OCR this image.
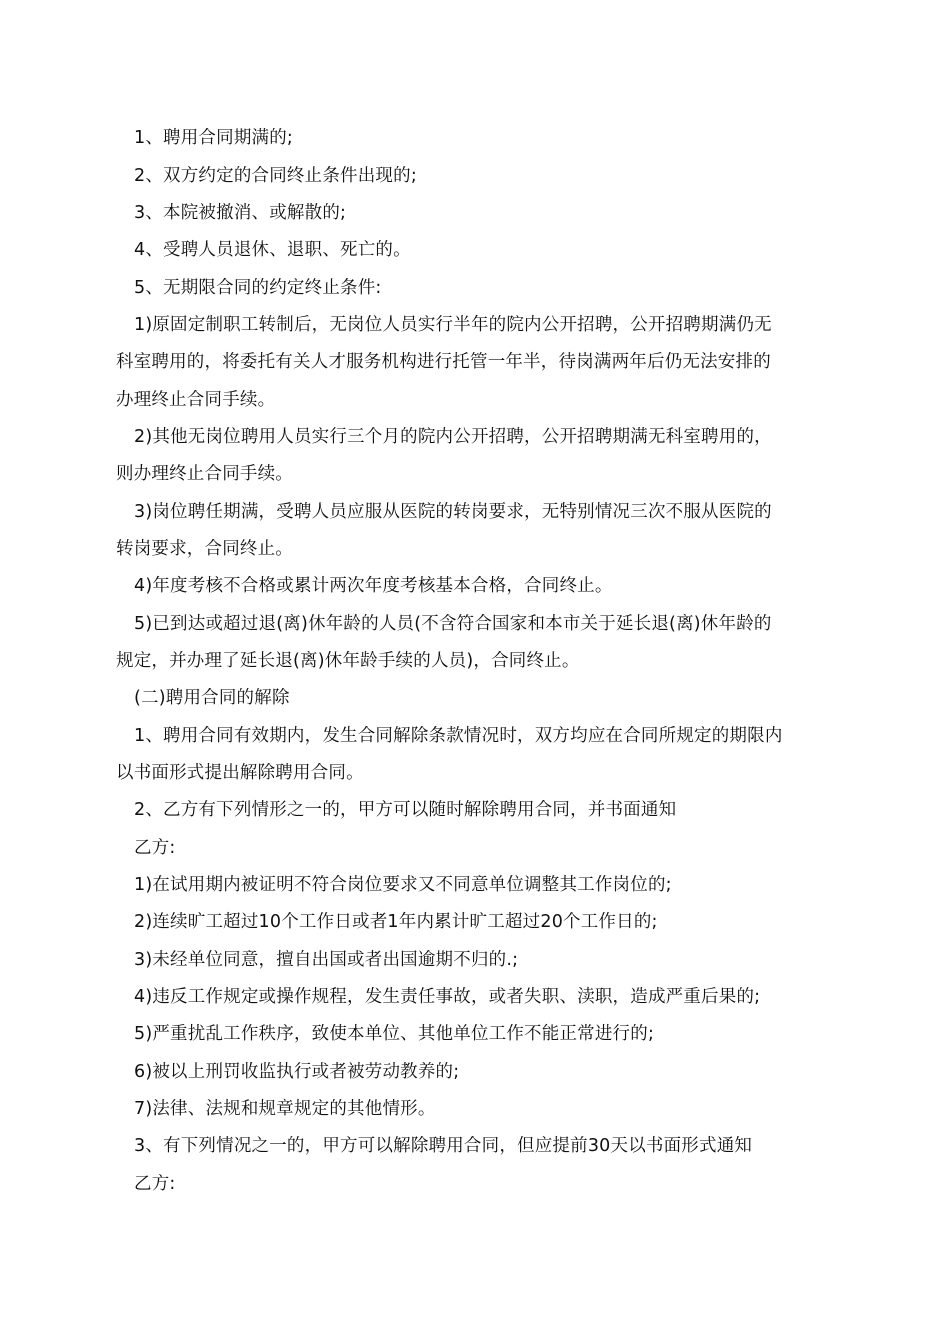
1、聘用合同期满的;
2、双方约定的合同终止条件出现的;
3、本院被撤消、或解散的;
4、受聘人员退休、退职、死亡的。
5、无期限合同的约定终止条件:
1)原固定制职工转制后，无岗位人员实行半年的院内公开招聘，公开招聘期满仍无
科室聘用的，将委托有关人才服务机构进行托管一年半，待岗满两年后仍无法安排的
办理终止合同手续。
2)其他无岗位聘用人员实行三个月的院内公开招聘，公开招聘期满无科室聘用的，
则办理终止合同手续。
3)岗位聘任期满，受聘人员应服从医院的转岗要求，无特别情况三次不服从医院的
转岗要求，合同终止。
4)年度考核不合格或累计两次年度考核基本合格，合同终止。
5)已到达或超过退(离)休年龄的人员(不含符合国家和本市关于延长退(离)休年龄的
规定，并办理了延长退(离)休年龄手续的人员)，合同终止。
(二)聘用合同的解除
1、聘用合同有效期内，发生合同解除条款情况时，双方均应在合同所规定的期限内
以书面形式提出解除聘用合同。
2、乙方有下列情形之一的，甲方可以随时解除聘用合同，并书面通知
乙方:
1)在试用期内被证明不符合岗位要求又不同意单位调整其工作岗位的;
2)连续旷工超过10个工作日或者1年内累计旷工超过20个工作日的;
3)未经单位同意，擅自出国或者出国逾期不归的.;
4)违反工作规定或操作规程，发生责任事故，或者失职、渎职，造成严重后果的;
5)严重扰乱工作秩序，致使本单位、其他单位工作不能正常进行的;
6)被以上刑罚收监执行或者被劳动教养的;
7)法律、法规和规章规定的其他情形。
3、有下列情况之一的，甲方可以解除聘用合同，但应提前30天以书面形式通知
乙方:
